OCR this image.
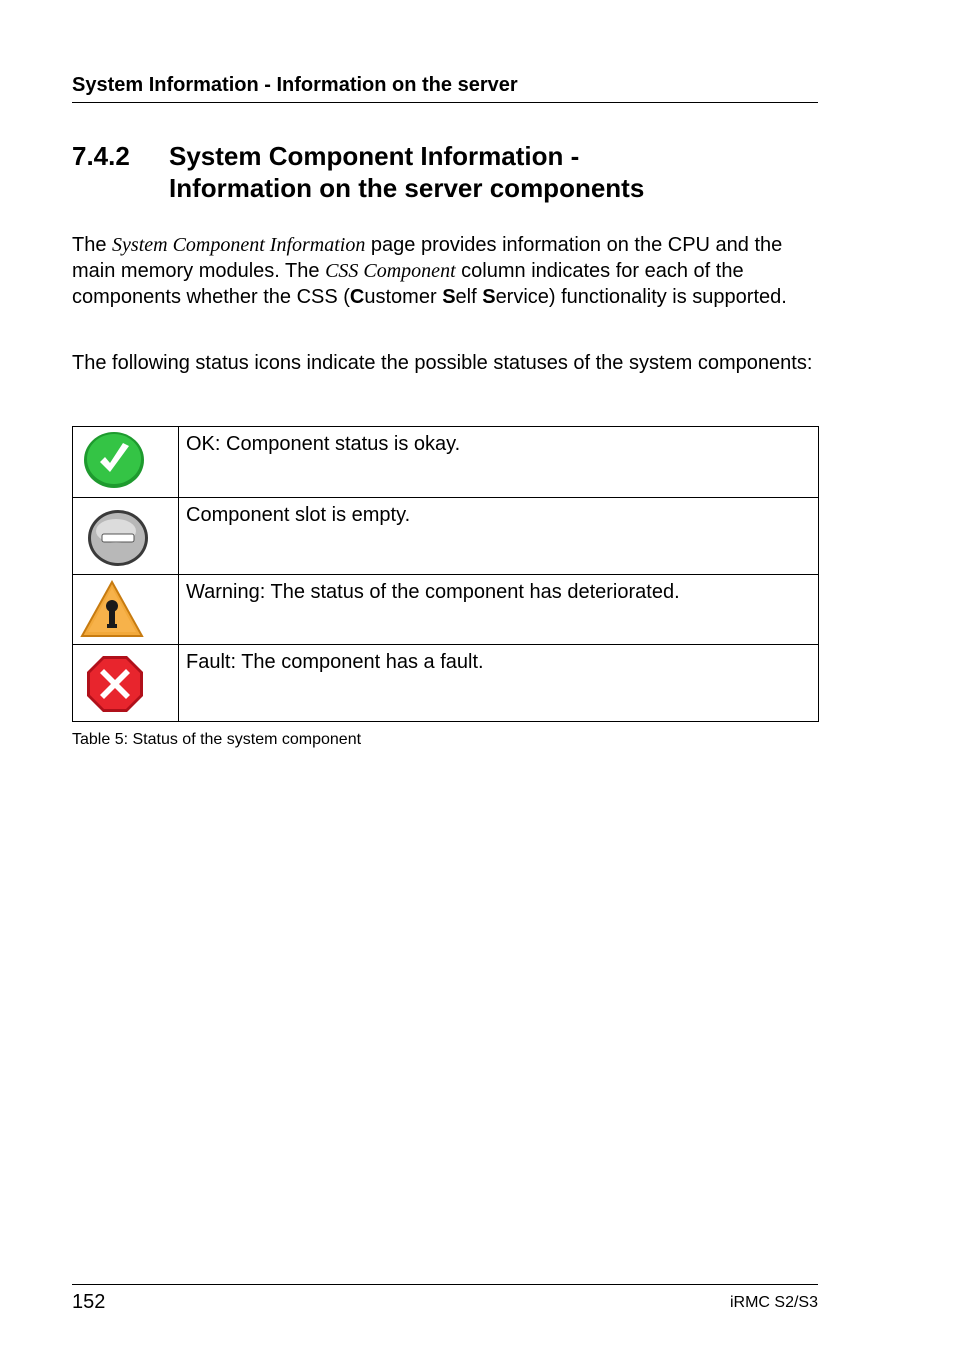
System Information - Information on the server
7.4.2 System Component Information -
Information on the server components

The System Component Information page provides information on the CPU and the main memory modules. The CSS Component column indicates for each of the components whether the CSS (Customer Self Service) functionality is supported.

The following status icons indicate the possible statuses of the system components:

	OK: Component status is okay.

	Component slot is empty.

	Warning: The status of the component has deteriorated.

	Fault: The component has a fault.
Table 5: Status of the system component
152	iRMC S2/S3
